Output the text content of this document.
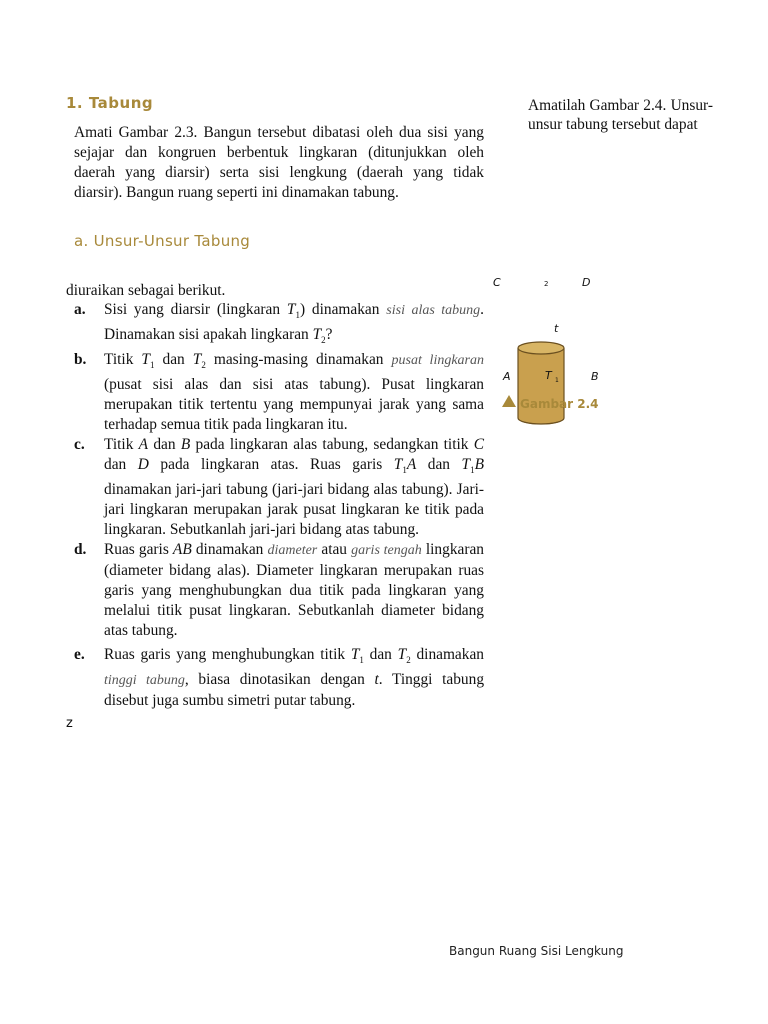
1. Tabung
Amati Gambar 2.3. Bangun tersebut dibatasi oleh dua sisi yang sejajar dan kongruen berbentuk lingkaran (ditunjukkan oleh daerah yang diarsir) serta sisi lengkung (daerah yang tidak diarsir). Bangun ruang seperti ini dinamakan tabung.
a. Unsur-Unsur Tabung
Amatilah Gambar 2.4. Unsur-unsur tabung tersebut dapat
diuraikan sebagai berikut.
a. Sisi yang diarsir (lingkaran $T_1$) dinamakan sisi alas tabung. Dinamakan sisi apakah lingkaran $T_2$?
b. Titik $T_1$ dan $T_2$ masing-masing dinamakan pusat lingkaran (pusat sisi alas dan sisi atas tabung). Pusat lingkaran merupakan titik tertentu yang mempunyai jarak yang sama terhadap semua titik pada lingkaran itu.
c. Titik A dan B pada lingkaran alas tabung, sedangkan titik C dan D pada lingkaran atas. Ruas garis $T_1A$ dan $T_1B$ dinamakan jari-jari tabung (jari-jari bidang alas tabung). Jari-jari lingkaran merupakan jarak pusat lingkaran ke titik pada lingkaran. Sebutkanlah jari-jari bidang atas tabung.
d. Ruas garis AB dinamakan diameter atau garis tengah lingkaran (diameter bidang alas). Diameter lingkaran merupakan ruas garis yang menghubungkan dua titik pada lingkaran yang melalui titik pusat lingkaran. Sebutkanlah diameter bidang atas tabung.
e. Ruas garis yang menghubungkan titik $T_1$ dan $T_2$ dinamakan tinggi tabung, biasa dinotasikan dengan t. Tinggi tabung disebut juga sumbu simetri putar tabung.
C	2	D
t
A	T 1	B
Gambar 2.4
z
Bangun Ruang Sisi Lengkung
